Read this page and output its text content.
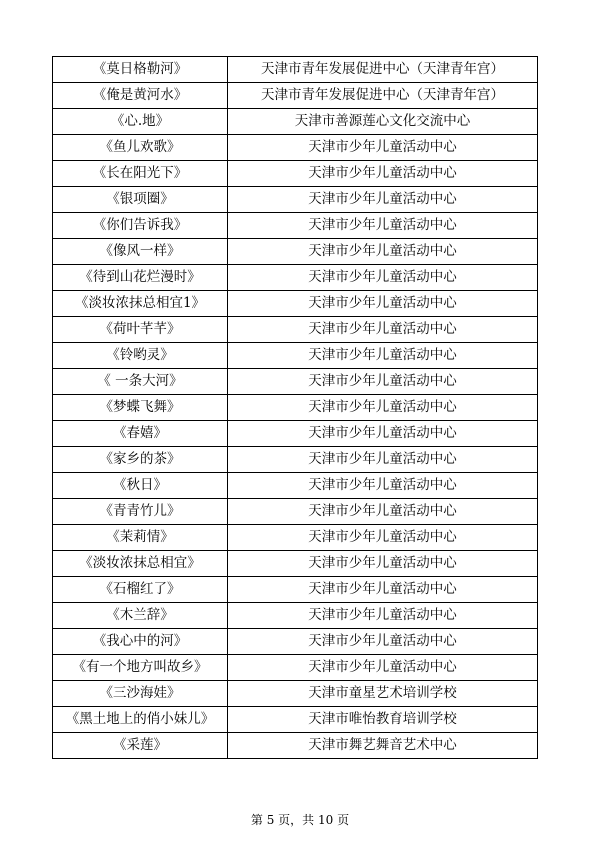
《莫日格勒河》	天津市青年发展促进中心（天津青年宫）
《俺是黄河水》	天津市青年发展促进中心（天津青年宫）
《心.地》	天津市善源莲心文化交流中心
《鱼儿欢歌》	天津市少年儿童活动中心
《长在阳光下》	天津市少年儿童活动中心
《银项圈》	天津市少年儿童活动中心
《你们告诉我》	天津市少年儿童活动中心
《像风一样》	天津市少年儿童活动中心
《待到山花烂漫时》	天津市少年儿童活动中心
《淡妆浓抹总相宜1》	天津市少年儿童活动中心
《荷叶芊芊》	天津市少年儿童活动中心
《铃哟灵》	天津市少年儿童活动中心
《 一条大河》	天津市少年儿童活动中心
《梦蝶飞舞》	天津市少年儿童活动中心
《春嬉》	天津市少年儿童活动中心
《家乡的茶》	天津市少年儿童活动中心
《秋日》	天津市少年儿童活动中心
《青青竹儿》	天津市少年儿童活动中心
《茉莉情》	天津市少年儿童活动中心
《淡妆浓抹总相宜》	天津市少年儿童活动中心
《石榴红了》	天津市少年儿童活动中心
《木兰辞》	天津市少年儿童活动中心
《我心中的河》	天津市少年儿童活动中心
《有一个地方叫故乡》	天津市少年儿童活动中心
《三沙海娃》	天津市童星艺术培训学校
《黑土地上的俏小妹儿》	天津市唯怡教育培训学校
《采莲》	天津市舞艺舞音艺术中心
第 5 页，共 10 页
